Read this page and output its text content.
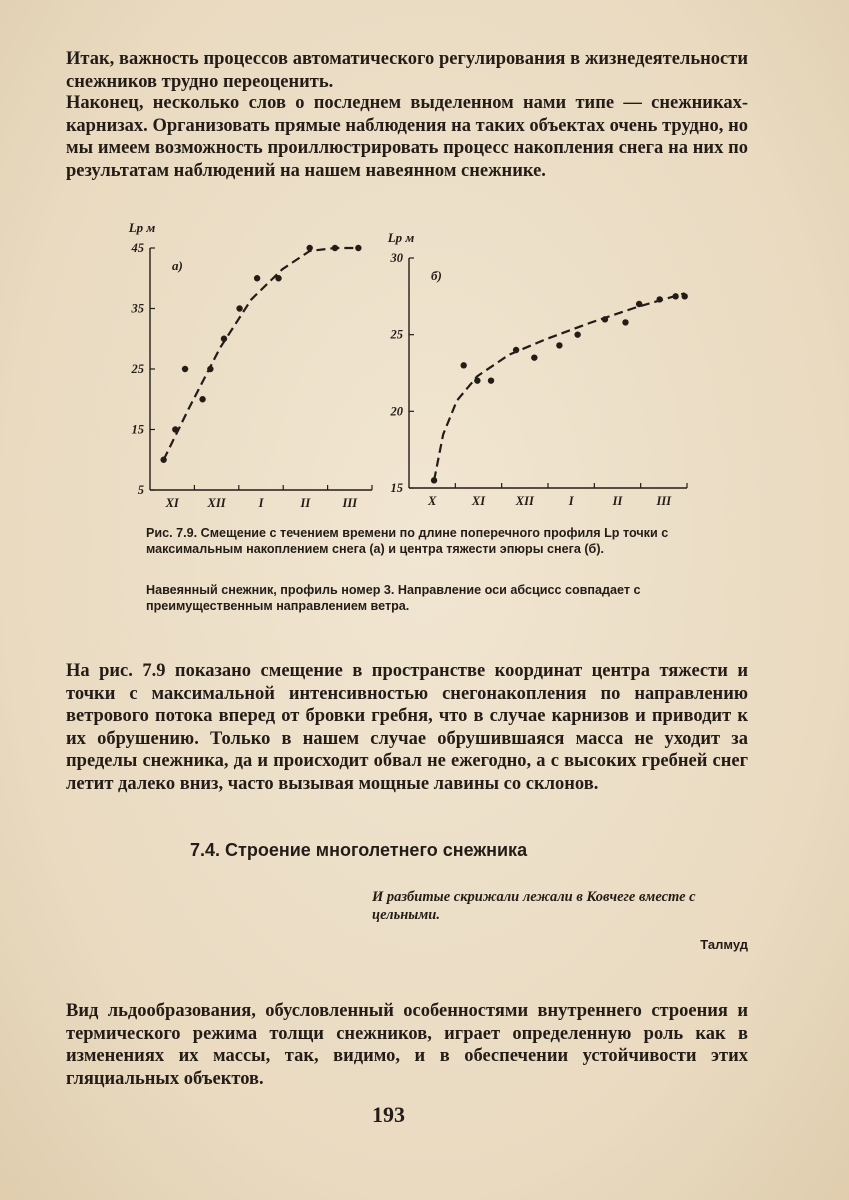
Итак, важность процессов автоматического регулирования в жизнедеятельности снежников трудно переоценить.

Наконец, несколько слов о последнем выделенном нами типе — снежниках-карнизах. Организовать прямые наблюдения на таких объектах очень трудно, но мы имеем возможность проиллюстрировать процесс накопления снега на них по результатам наблюдений на нашем навеянном снежнике.

5
15
25
35
45
XI XII	I	II	III
Lр м
а)
15
20
25
30
X	XI XII	I	II	III
Lр м
б)

Рис. 7.9. Смещение с течением времени по длине поперечного профиля Lр точки с максимальным накоплением снега (а) и центра тяжести эпюры снега (б).

Навеянный снежник, профиль номер 3. Направление оси абсцисс совпадает с преимущественным направлением ветра.

На рис. 7.9 показано смещение в пространстве координат центра тяжести и точки с максимальной интенсивностью снегонакопления по направлению ветрового потока вперед от бровки гребня, что в случае карнизов и приводит к их обрушению. Только в нашем случае обрушившаяся масса не уходит за пределы снежника, да и происходит обвал не ежегодно, а с высоких гребней снег летит далеко вниз, часто вызывая мощные лавины со склонов.

7.4. Строение многолетнего снежника

И разбитые скрижали лежали в Ковчеге вместе с цельными.

Талмуд

Вид льдообразования, обусловленный особенностями внутреннего строения и термического режима толщи снежников, играет определенную роль как в изменениях их массы, так, видимо, и в обеспечении устойчивости этих гляциальных объектов.

193
